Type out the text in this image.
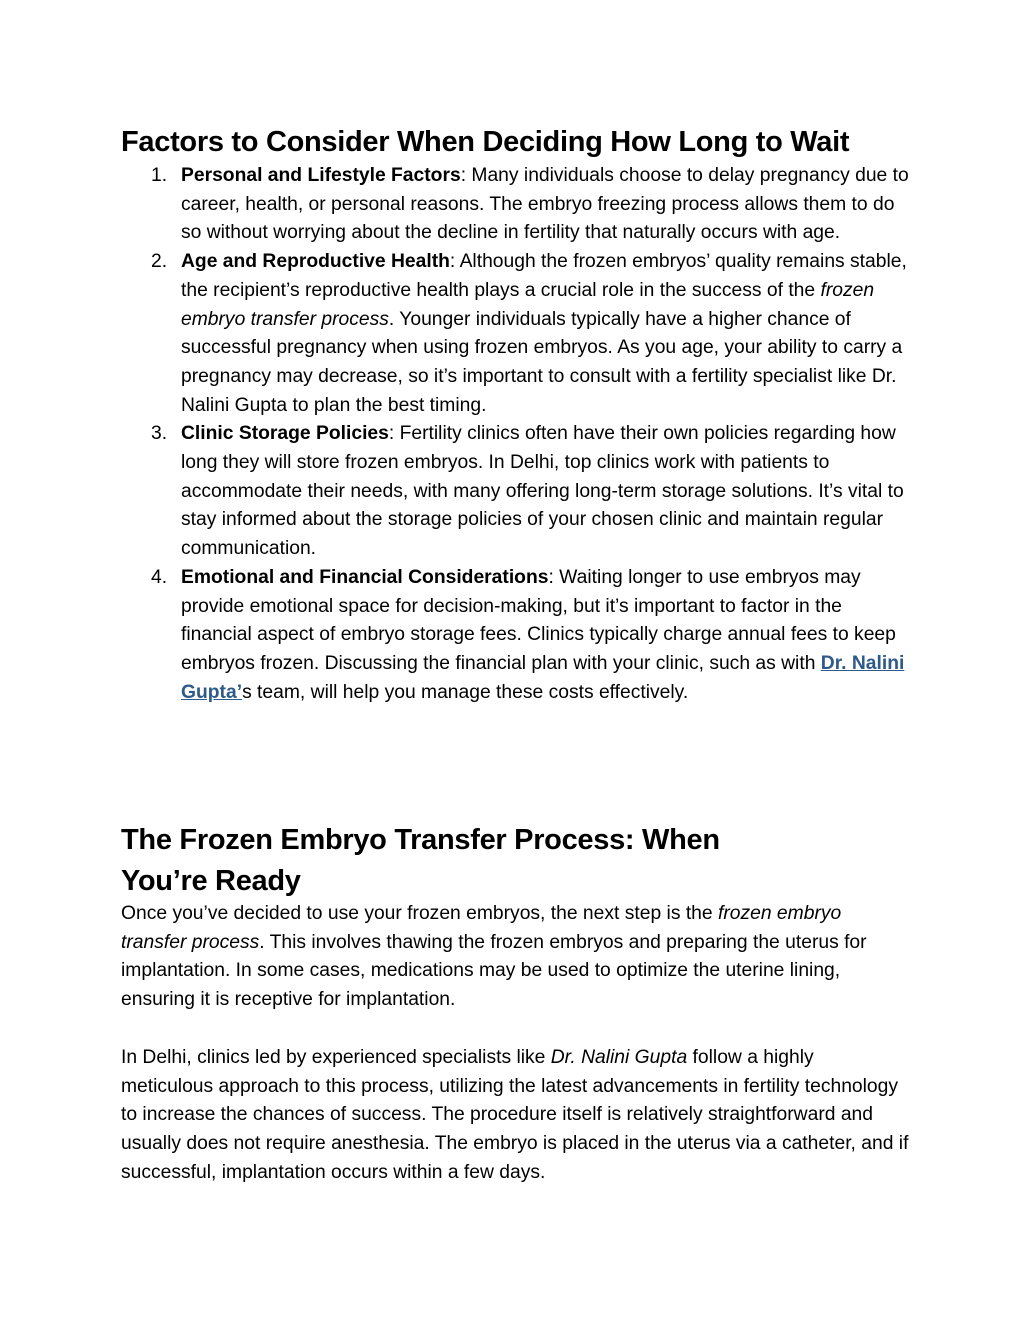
Factors to Consider When Deciding How Long to Wait
1. Personal and Lifestyle Factors: Many individuals choose to delay pregnancy due to career, health, or personal reasons. The embryo freezing process allows them to do so without worrying about the decline in fertility that naturally occurs with age.
2. Age and Reproductive Health: Although the frozen embryos’ quality remains stable, the recipient’s reproductive health plays a crucial role in the success of the frozen embryo transfer process. Younger individuals typically have a higher chance of successful pregnancy when using frozen embryos. As you age, your ability to carry a pregnancy may decrease, so it’s important to consult with a fertility specialist like Dr. Nalini Gupta to plan the best timing.
3. Clinic Storage Policies: Fertility clinics often have their own policies regarding how long they will store frozen embryos. In Delhi, top clinics work with patients to accommodate their needs, with many offering long-term storage solutions. It’s vital to stay informed about the storage policies of your chosen clinic and maintain regular communication.
4. Emotional and Financial Considerations: Waiting longer to use embryos may provide emotional space for decision-making, but it’s important to factor in the financial aspect of embryo storage fees. Clinics typically charge annual fees to keep embryos frozen. Discussing the financial plan with your clinic, such as with Dr. Nalini Gupta’s team, will help you manage these costs effectively.
The Frozen Embryo Transfer Process: When You’re Ready

Once you’ve decided to use your frozen embryos, the next step is the frozen embryo transfer process. This involves thawing the frozen embryos and preparing the uterus for implantation. In some cases, medications may be used to optimize the uterine lining, ensuring it is receptive for implantation.

In Delhi, clinics led by experienced specialists like Dr. Nalini Gupta follow a highly meticulous approach to this process, utilizing the latest advancements in fertility technology to increase the chances of success. The procedure itself is relatively straightforward and usually does not require anesthesia. The embryo is placed in the uterus via a catheter, and if successful, implantation occurs within a few days.
